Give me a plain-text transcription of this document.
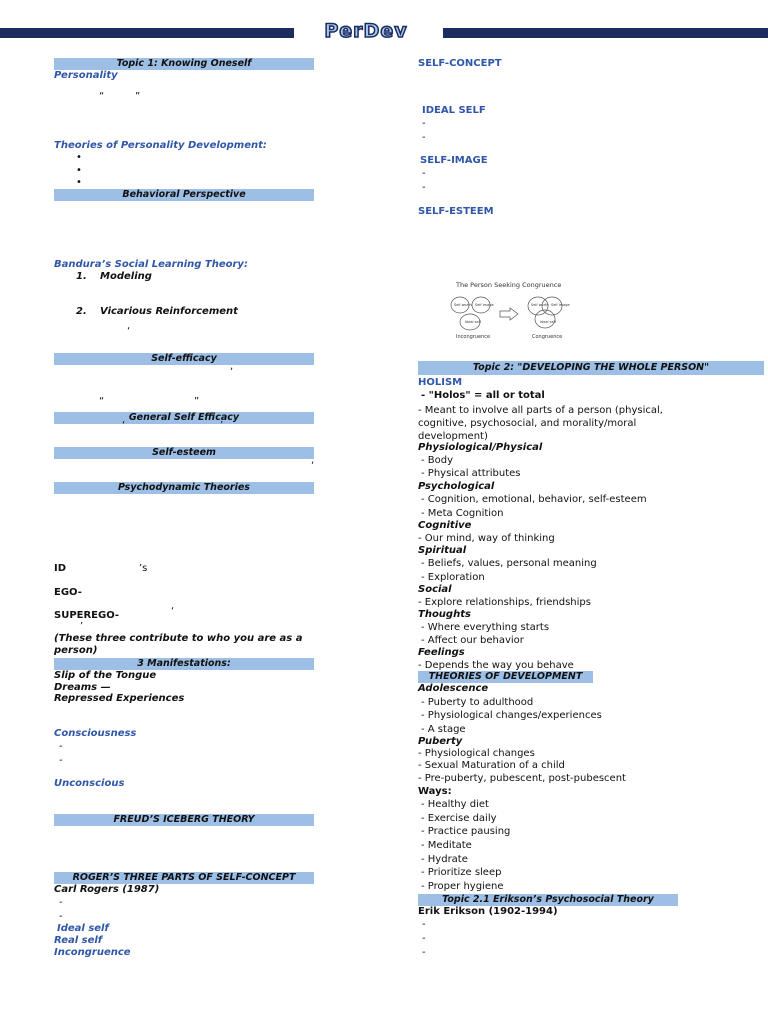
PerDev
Topic 1: Knowing Oneself
Personality
“	”
Theories of Personality Development:
•
•
•
Behavioral Perspective
Bandura’s Social Learning Theory:
1. Modeling
2. Vicarious Reinforcement
‘
Self-efficacy
,
“	”
General Self Efficacy
‘	’
Self-esteem
,
Psychodynamic Theories
ID	’s
EGO-
SUPEREGO-	‘
’
(These three contribute to who you are as a person)
3 Manifestations:
Slip of the Tongue
Dreams —
Repressed Experiences
Consciousness
-
-
Unconscious
FREUD’S ICEBERG THEORY
ROGER’S THREE PARTS OF SELF-CONCEPT
Carl Rogers (1987)
-
-
Ideal self
Real self
Incongruence
SELF-CONCEPT
IDEAL SELF
-
-
SELF-IMAGE
-
-
SELF-ESTEEM
The Person Seeking Congruence
Self worth Self image
Ideal self
Self worth Self image
Ideal self
Incongruence	Congruence
Topic 2: "DEVELOPING THE WHOLE PERSON"
HOLISM
- "Holos" = all or total
- Meant to involve all parts of a person (physical, cognitive, psychosocial, and morality/moral development)
Physiological/Physical
- Body
- Physical attributes
Psychological
- Cognition, emotional, behavior, self-esteem
- Meta Cognition
Cognitive
- Our mind, way of thinking
Spiritual
- Beliefs, values, personal meaning
- Exploration
Social
- Explore relationships, friendships
Thoughts
- Where everything starts
- Affect our behavior
Feelings
- Depends the way you behave
THEORIES OF DEVELOPMENT
Adolescence
- Puberty to adulthood
- Physiological changes/experiences
- A stage
Puberty
- Physiological changes
- Sexual Maturation of a child
- Pre-puberty, pubescent, post-pubescent
Ways:
- Healthy diet
- Exercise daily
- Practice pausing
- Meditate
- Hydrate
- Prioritize sleep
- Proper hygiene
Topic 2.1 Erikson’s Psychosocial Theory
Erik Erikson (1902-1994)
-
-
-
